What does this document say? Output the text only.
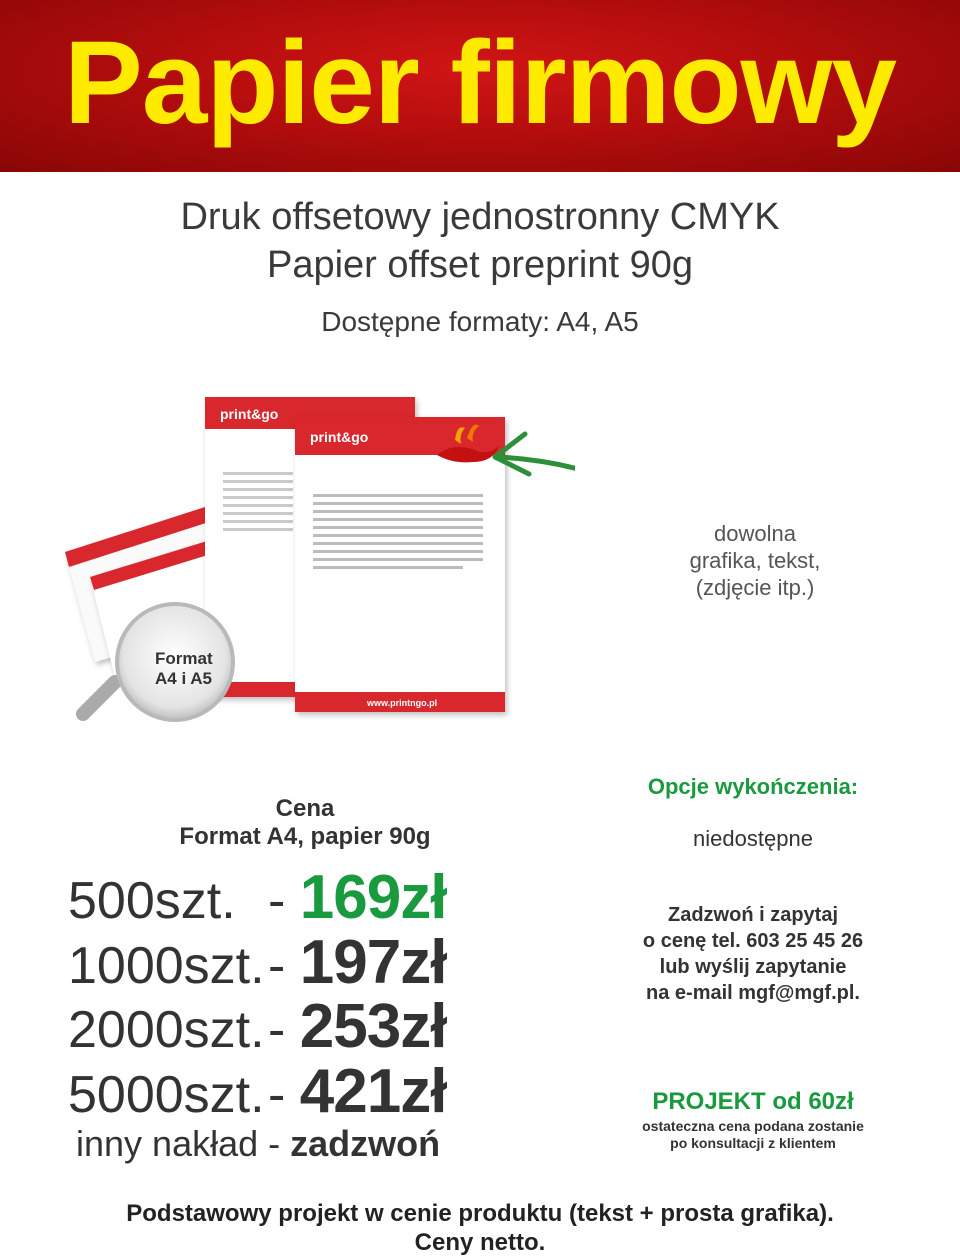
Papier firmowy
Druk offsetowy jednostronny CMYK
Papier offset preprint 90g
Dostępne formaty: A4, A5
print&go
print&go
www.printngo.pl
Format
A4 i A5
dowolna
grafika, tekst,
(zdjęcie itp.)
Cena
Format A4, papier 90g
500szt. - 169zł
1000szt.- 197zł
2000szt.- 253zł
5000szt.- 421zł
inny nakład - zadzwoń
Opcje wykończenia:
niedostępne
Zadzwoń i zapytaj
o cenę tel. 603 25 45 26
lub wyślij zapytanie
na e-mail mgf@mgf.pl.
PROJEKT od 60zł
ostateczna cena podana zostanie
po konsultacji z klientem
Podstawowy projekt w cenie produktu (tekst + prosta grafika).
Ceny netto.
